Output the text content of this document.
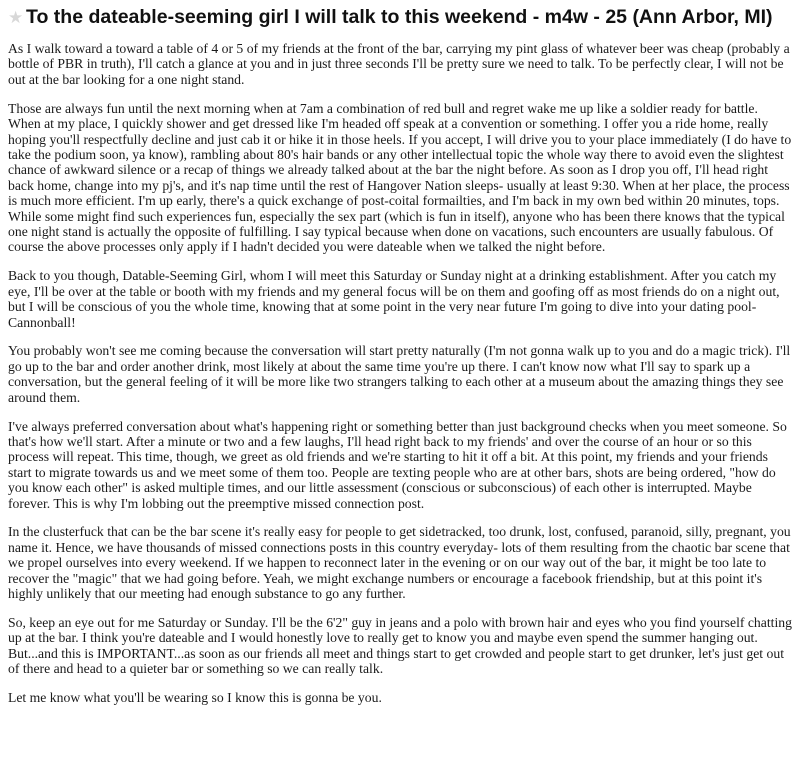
★ To the dateable-seeming girl I will talk to this weekend - m4w - 25 (Ann Arbor, MI)

As I walk toward a toward a table of 4 or 5 of my friends at the front of the bar, carrying my pint glass of whatever beer was cheap (probably a bottle of PBR in truth), I'll catch a glance at you and in just three seconds I'll be pretty sure we need to talk. To be perfectly clear, I will not be out at the bar looking for a one night stand.

Those are always fun until the next morning when at 7am a combination of red bull and regret wake me up like a soldier ready for battle. When at my place, I quickly shower and get dressed like I'm headed off speak at a convention or something. I offer you a ride home, really hoping you'll respectfully decline and just cab it or hike it in those heels. If you accept, I will drive you to your place immediately (I do have to take the podium soon, ya know), rambling about 80's hair bands or any other intellectual topic the whole way there to avoid even the slightest chance of awkward silence or a recap of things we already talked about at the bar the night before. As soon as I drop you off, I'll head right back home, change into my pj's, and it's nap time until the rest of Hangover Nation sleeps- usually at least 9:30. When at her place, the process is much more efficient. I'm up early, there's a quick exchange of post-coital formailties, and I'm back in my own bed within 20 minutes, tops. While some might find such experiences fun, especially the sex part (which is fun in itself), anyone who has been there knows that the typical one night stand is actually the opposite of fulfilling. I say typical because when done on vacations, such encounters are usually fabulous. Of course the above processes only apply if I hadn't decided you were dateable when we talked the night before.

Back to you though, Datable-Seeming Girl, whom I will meet this Saturday or Sunday night at a drinking establishment. After you catch my eye, I'll be over at the table or booth with my friends and my general focus will be on them and goofing off as most friends do on a night out, but I will be conscious of you the whole time, knowing that at some point in the very near future I'm going to dive into your dating pool- Cannonball!

You probably won't see me coming because the conversation will start pretty naturally (I'm not gonna walk up to you and do a magic trick). I'll go up to the bar and order another drink, most likely at about the same time you're up there. I can't know now what I'll say to spark up a conversation, but the general feeling of it will be more like two strangers talking to each other at a museum about the amazing things they see around them.

I've always preferred conversation about what's happening right or something better than just background checks when you meet someone. So that's how we'll start. After a minute or two and a few laughs, I'll head right back to my friends' and over the course of an hour or so this process will repeat. This time, though, we greet as old friends and we're starting to hit it off a bit. At this point, my friends and your friends start to migrate towards us and we meet some of them too. People are texting people who are at other bars, shots are being ordered, "how do you know each other" is asked multiple times, and our little assessment (conscious or subconscious) of each other is interrupted. Maybe forever. This is why I'm lobbing out the preemptive missed connection post.

In the clusterfuck that can be the bar scene it's really easy for people to get sidetracked, too drunk, lost, confused, paranoid, silly, pregnant, you name it. Hence, we have thousands of missed connections posts in this country everyday- lots of them resulting from the chaotic bar scene that we propel ourselves into every weekend. If we happen to reconnect later in the evening or on our way out of the bar, it might be too late to recover the "magic" that we had going before. Yeah, we might exchange numbers or encourage a facebook friendship, but at this point it's highly unlikely that our meeting had enough substance to go any further.

So, keep an eye out for me Saturday or Sunday. I'll be the 6'2" guy in jeans and a polo with brown hair and eyes who you find yourself chatting up at the bar. I think you're dateable and I would honestly love to really get to know you and maybe even spend the summer hanging out. But...and this is IMPORTANT...as soon as our friends all meet and things start to get crowded and people start to get drunker, let's just get out of there and head to a quieter bar or something so we can really talk.

Let me know what you'll be wearing so I know this is gonna be you.
